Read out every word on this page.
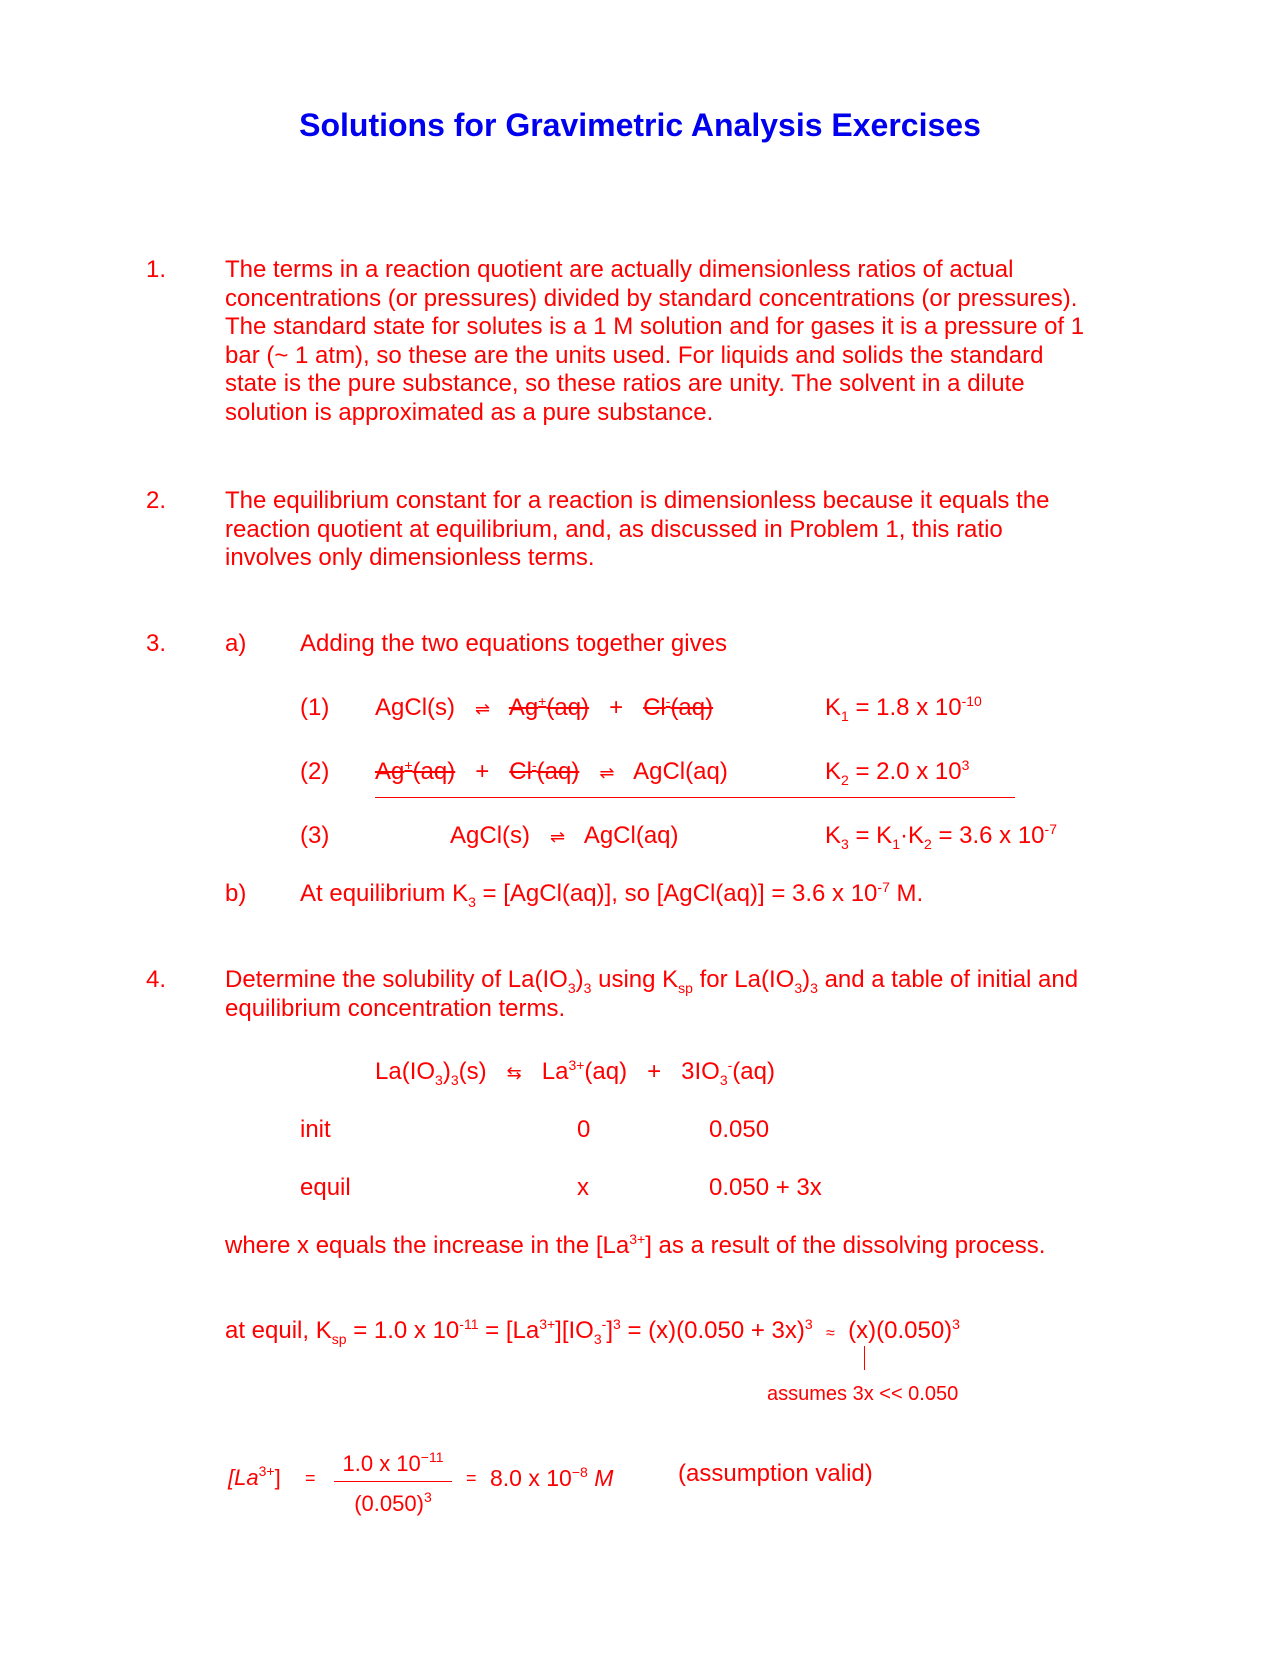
Solutions for Gravimetric Analysis Exercises
1. The terms in a reaction quotient are actually dimensionless ratios of actual
concentrations (or pressures) divided by standard concentrations (or pressures).
The standard state for solutes is a 1 M solution and for gases it is a pressure of 1
bar (~ 1 atm), so these are the units used. For liquids and solids the standard
state is the pure substance, so these ratios are unity. The solvent in a dilute
solution is approximated as a pure substance.
2. The equilibrium constant for a reaction is dimensionless because it equals the
reaction quotient at equilibrium, and, as discussed in Problem 1, this ratio
involves only dimensionless terms.
3. a) Adding the two equations together gives
(1) AgCl(s) ⇌ Ag+(aq) + Cl-(aq)	$K_1 = 1.8$ x $10^{-10}$
(2) Ag+(aq) + Cl-(aq) ⇌ AgCl(aq)	$K_2 = 2.0$ x $10^3$
(3)	AgCl(s) ⇌ AgCl(aq)	$K_3 = K_1\cdot K_2 = 3.6$ x $10^{-7}$
b) At equilibrium $K_3$ = [AgCl(aq)], so [AgCl(aq)] = 3.6 x $10^{-7}$ M.
4. Determine the solubility of $La(IO_3)_3$ using $K_{sp}$ for $La(IO_3)_3$ and a table of initial and
equilibrium concentration terms.
$La(IO_3)_3(s)$ ⇆ $La^{3+}(aq) + 3IO_3^-(aq)$
init	0	0.050
equil	x	0.050 + 3x
where x equals the increase in the $[La^{3+}]$ as a result of the dissolving process.
at equil, $K_{sp} = 1.0$ x $10^{-11} = [La^{3+}][IO_3^-]^3 = (x)(0.050 + 3x)^3 \approx (x)(0.050)^3$
assumes 3x << 0.050
$[La^{3+}]$ =
1.0 x $10^{-11}$
$(0.050)^3$
= 8.0 x $10^{-8}$ M	(assumption valid)
